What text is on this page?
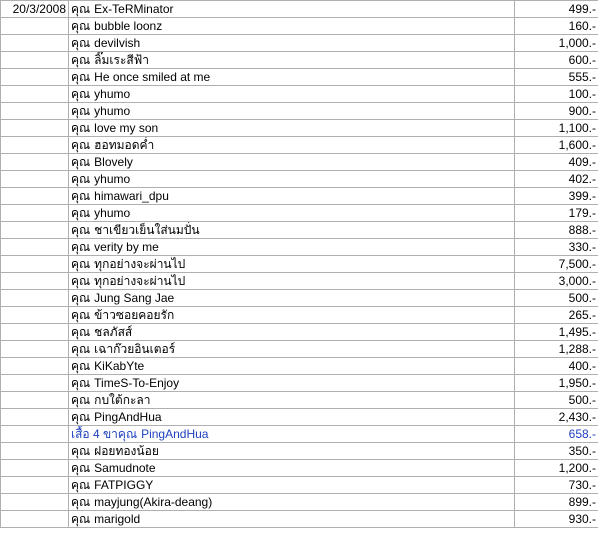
20/3/2008	คุณ Ex-TeRMinator	499.-
	คุณ bubble loonz	160.-
	คุณ devilvish	1,000.-
	คุณ ลิ๊มเระสีฟ้า	600.-
	คุณ He once smiled at me	555.-
	คุณ yhumo	100.-
	คุณ yhumo	900.-
	คุณ love my son	1,100.-
	คุณ ฮอทมอดค่ำ	1,600.-
	คุณ Blovely	409.-
	คุณ yhumo	402.-
	คุณ himawari_dpu	399.-
	คุณ yhumo	179.-
	คุณ ชาเขียวเย็นใส่นมปั่น	888.-
	คุณ verity by me	330.-
	คุณ ทุกอย่างจะผ่านไป	7,500.-
	คุณ ทุกอย่างจะผ่านไป	3,000.-
	คุณ Jung Sang Jae	500.-
	คุณ ข้าวซอยคอยรัก	265.-
	คุณ ชลภัสส์	1,495.-
	คุณ เฉาก๊วยอินเตอร์	1,288.-
	คุณ KiKabYte	400.-
	คุณ TimeS-To-Enjoy	1,950.-
	คุณ กบใต้กะลา	500.-
	คุณ PingAndHua	2,430.-
	เสื้อ 4 ขาคุณ PingAndHua	658.-
	คุณ ฝอยทองน้อย	350.-
	คุณ Samudnote	1,200.-
	คุณ FATPIGGY	730.-
	คุณ mayjung(Akira-deang)	899.-
	คุณ marigold	930.-
